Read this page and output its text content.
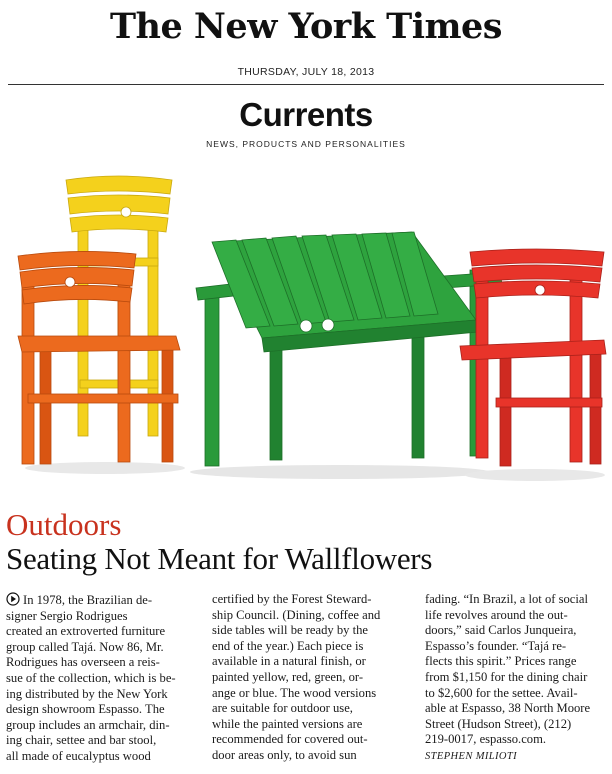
The New York Times
THURSDAY, JULY 18, 2013
Currents
NEWS, PRODUCTS AND PERSONALITIES
Outdoors
Seating Not Meant for Wallflowers
In 1978, the Brazilian de-
signer Sergio Rodrigues
created an extroverted furniture
group called Tajá. Now 86, Mr.
Rodrigues has overseen a reis-
sue of the collection, which is be-
ing distributed by the New York
design showroom Espasso. The
group includes an armchair, din-
ing chair, settee and bar stool,
all made of eucalyptus wood
certified by the Forest Steward-
ship Council. (Dining, coffee and
side tables will be ready by the
end of the year.) Each piece is
available in a natural finish, or
painted yellow, red, green, or-
ange or blue. The wood versions
are suitable for outdoor use,
while the painted versions are
recommended for covered out-
door areas only, to avoid sun
fading. “In Brazil, a lot of social
life revolves around the out-
doors,” said Carlos Junqueira,
Espasso’s founder. “Tajá re-
flects this spirit.” Prices range
from $1,150 for the dining chair
to $2,600 for the settee. Avail-
able at Espasso, 38 North Moore
Street (Hudson Street), (212)
219-0017, espasso.com.
STEPHEN MILIOTI
